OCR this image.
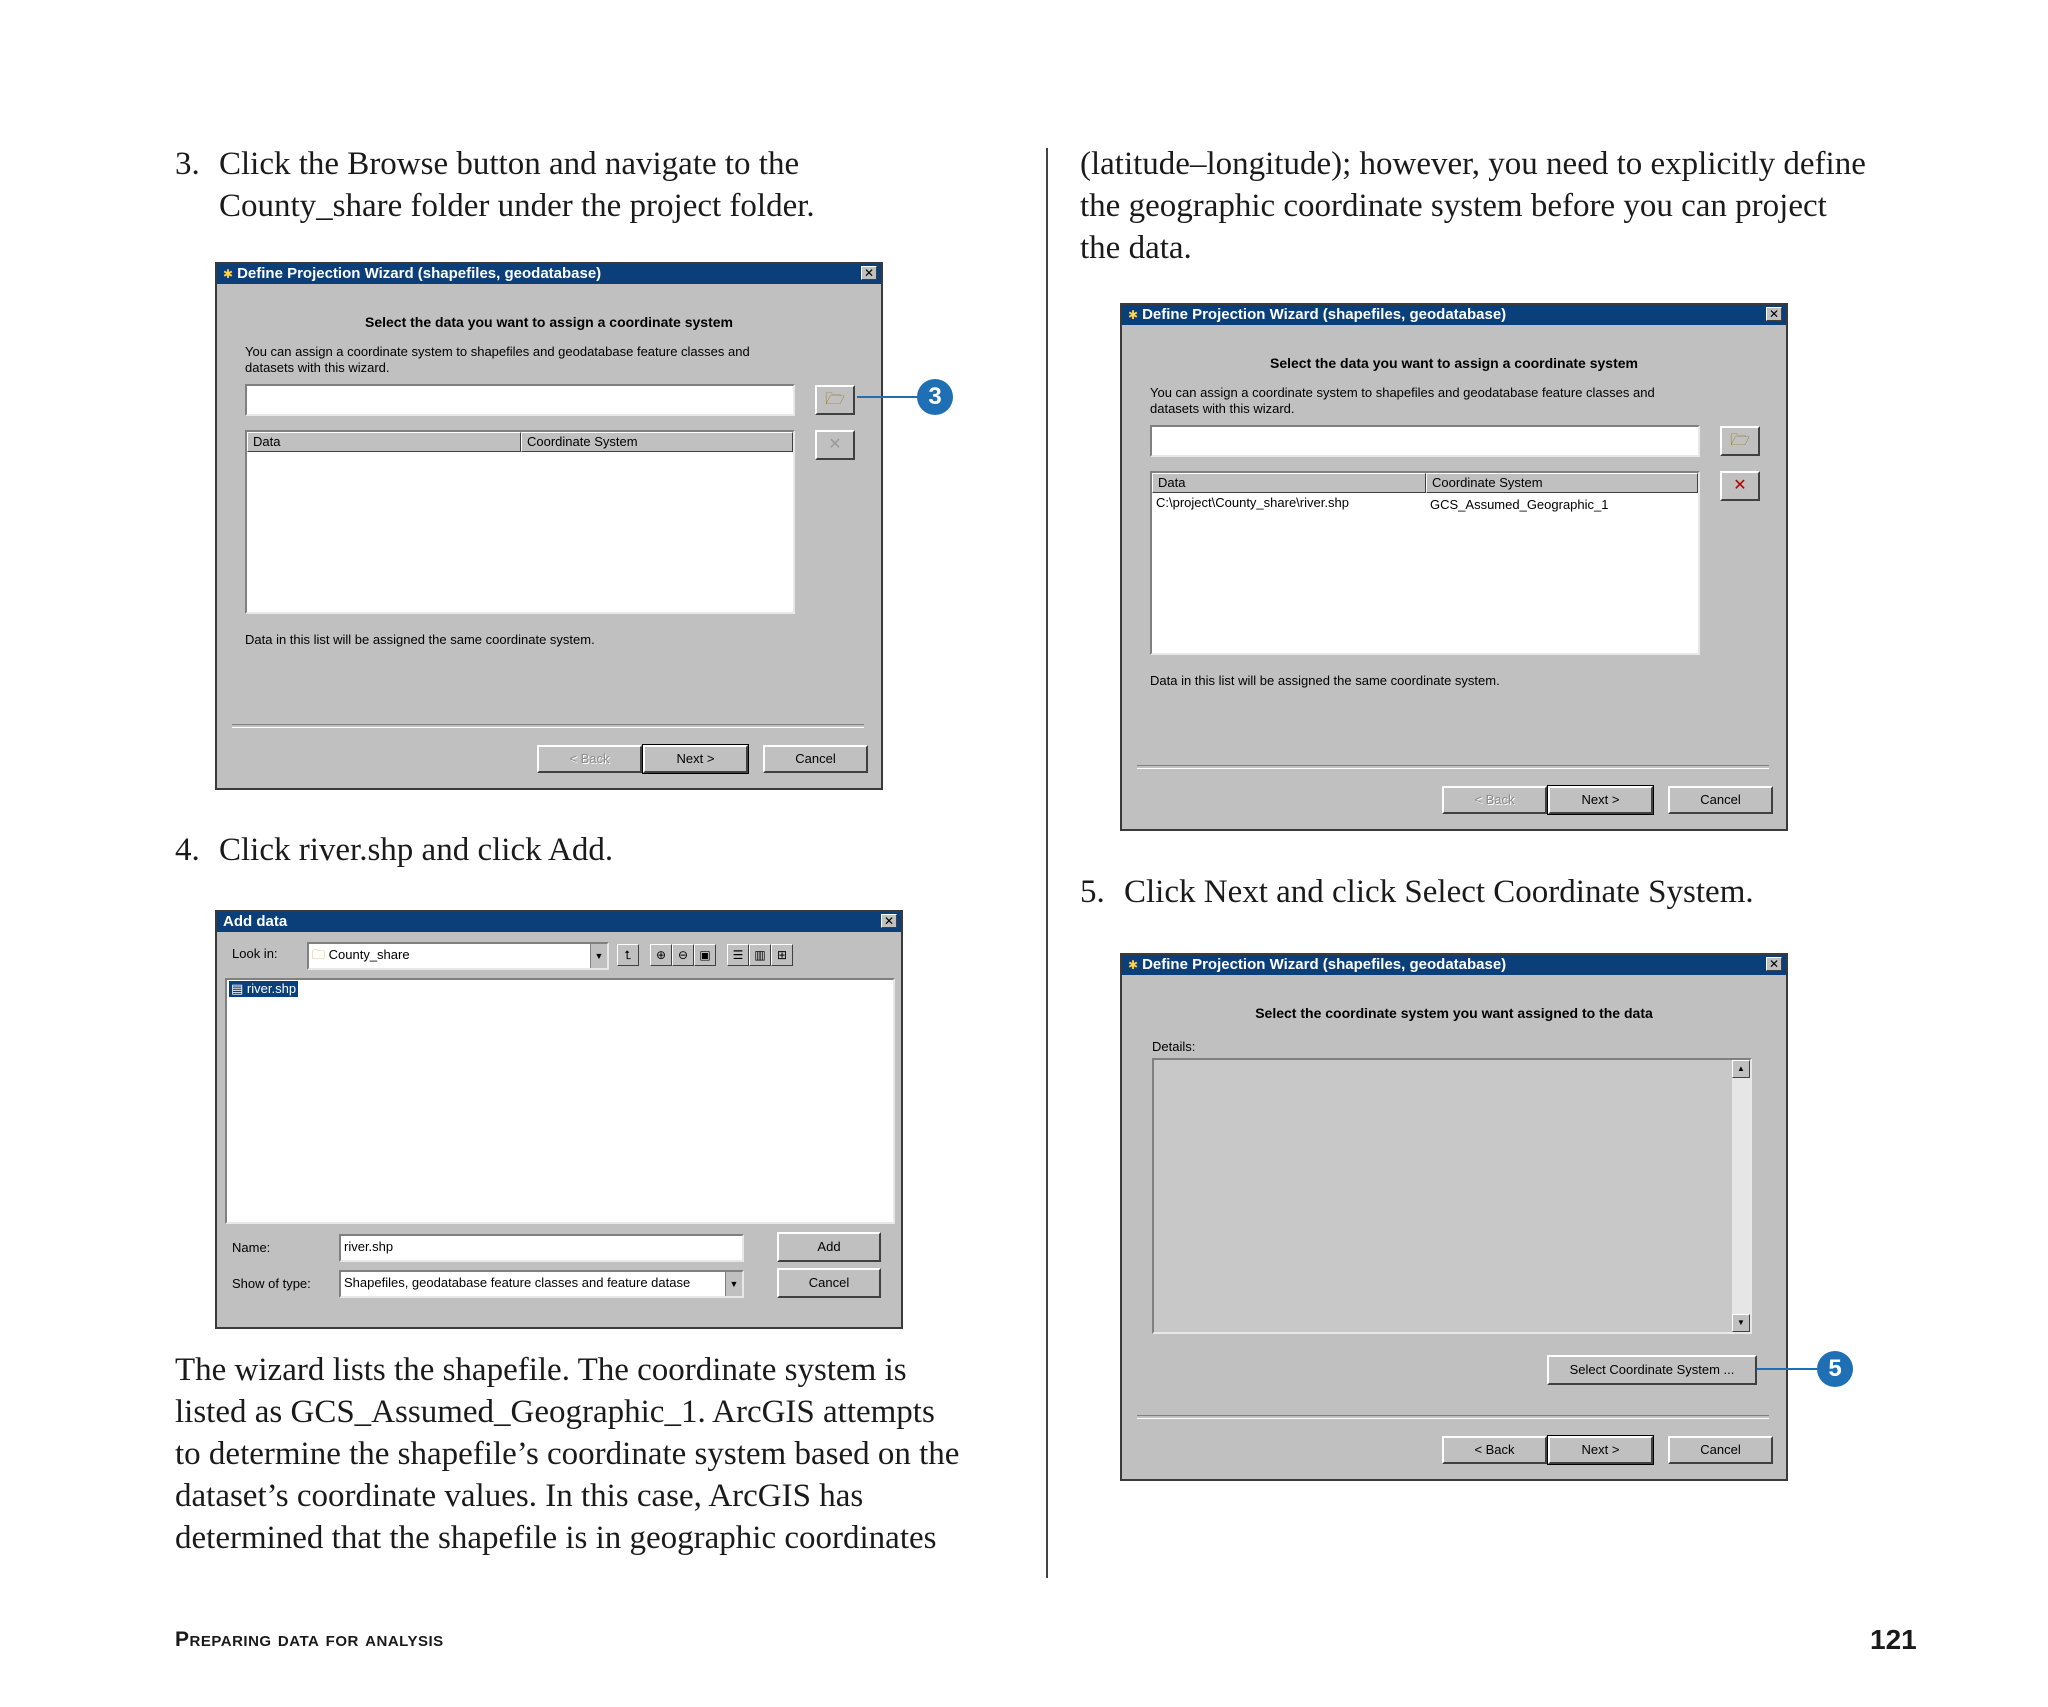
3. Click the Browse button and navigate to the
County_share folder under the project folder.
4. Click river.shp and click Add.
The wizard lists the shapefile. The coordinate system is
listed as GCS_Assumed_Geographic_1. ArcGIS attempts
to determine the shapefile’s coordinate system based on the
dataset’s coordinate values. In this case, ArcGIS has
determined that the shapefile is in geographic coordinates
(latitude–longitude); however, you need to explicitly define
the geographic coordinate system before you can project
the data.
5. Click Next and click Select Coordinate System.
✱ Define Projection Wizard (shapefiles, geodatabase)	✕
Select the data you want to assign a coordinate system
You can assign a coordinate system to shapefiles and geodatabase feature classes and
datasets with this wizard.
🗁
Data	Coordinate System	✕
Data in this list will be assigned the same coordinate system.
< Back	Next >	Cancel
3
Add data	✕
Look in:	🗀 County_share	▼	⮤	⊕ ⊖ ▣	☰ ▥ ⊞
▤ river.shp
Name:	river.shp
Show of type:	Shapefiles, geodatabase feature classes and feature datase	▼
Add
Cancel
✱ Define Projection Wizard (shapefiles, geodatabase)	✕
Select the data you want to assign a coordinate system
You can assign a coordinate system to shapefiles and geodatabase feature classes and
datasets with this wizard.
🗁
Data	Coordinate System
C:\project\County_share\river.shp	GCS_Assumed_Geographic_1
✕
Data in this list will be assigned the same coordinate system.
< Back	Next >	Cancel
✱ Define Projection Wizard (shapefiles, geodatabase)	✕
Select the coordinate system you want assigned to the data
Details:
▲
▼
Select Coordinate System ...
< Back	Next >	Cancel
5
Preparing data for analysis	121
